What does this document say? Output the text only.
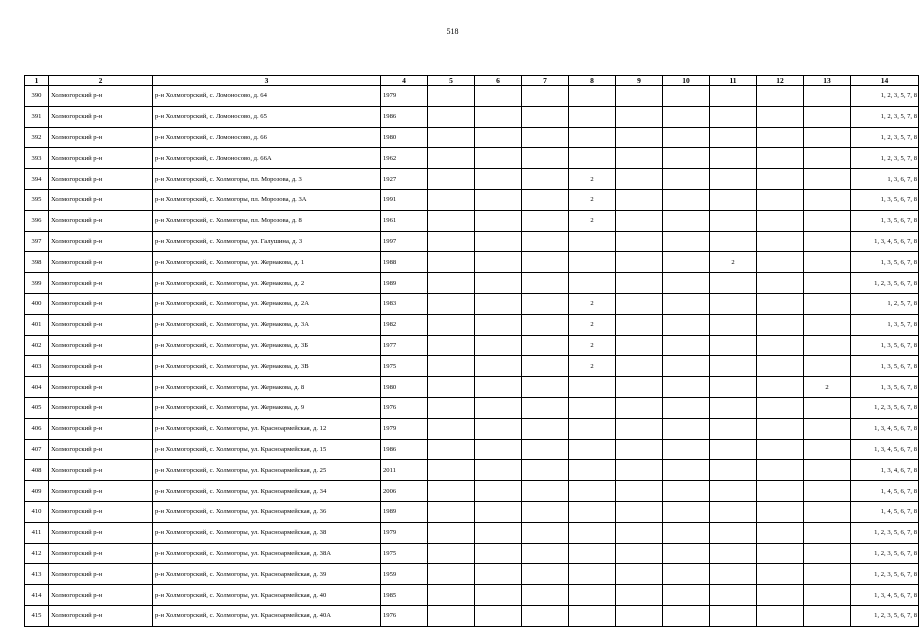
518
1	2	3	4	5	6	7	8	9	10	11	12	13	14
390	Холмогорский р-н	р-н Холмогорский, с. Ломоносово, д. 64	1979										1, 2, 3, 5, 7, 8
391	Холмогорский р-н	р-н Холмогорский, с. Ломоносово, д. 65	1986										1, 2, 3, 5, 7, 8
392	Холмогорский р-н	р-н Холмогорский, с. Ломоносово, д. 66	1980										1, 2, 3, 5, 7, 8
393	Холмогорский р-н	р-н Холмогорский, с. Ломоносово, д. 66А	1962										1, 2, 3, 5, 7, 8
394	Холмогорский р-н	р-н Холмогорский, с. Холмогоры, пл. Морозова, д. 3	1927				2						1, 3, 6, 7, 8
395	Холмогорский р-н	р-н Холмогорский, с. Холмогоры, пл. Морозова, д. 3А	1991				2						1, 3, 5, 6, 7, 8
396	Холмогорский р-н	р-н Холмогорский, с. Холмогоры, пл. Морозова, д. 8	1961				2						1, 3, 5, 6, 7, 8
397	Холмогорский р-н	р-н Холмогорский, с. Холмогоры, ул. Галушина, д. 3	1997										1, 3, 4, 5, 6, 7, 8
398	Холмогорский р-н	р-н Холмогорский, с. Холмогоры, ул. Жернакова, д. 1	1988							2			1, 3, 5, 6, 7, 8
399	Холмогорский р-н	р-н Холмогорский, с. Холмогоры, ул. Жернакова, д. 2	1989										1, 2, 3, 5, 6, 7, 8
400	Холмогорский р-н	р-н Холмогорский, с. Холмогоры, ул. Жернакова, д. 2А	1983				2						1, 2, 5, 7, 8
401	Холмогорский р-н	р-н Холмогорский, с. Холмогоры, ул. Жернакова, д. 3А	1982				2						1, 3, 5, 7, 8
402	Холмогорский р-н	р-н Холмогорский, с. Холмогоры, ул. Жернакова, д. 3Б	1977				2						1, 3, 5, 6, 7, 8
403	Холмогорский р-н	р-н Холмогорский, с. Холмогоры, ул. Жернакова, д. 3В	1975				2						1, 3, 5, 6, 7, 8
404	Холмогорский р-н	р-н Холмогорский, с. Холмогоры, ул. Жернакова, д. 8	1980									2	1, 3, 5, 6, 7, 8
405	Холмогорский р-н	р-н Холмогорский, с. Холмогоры, ул. Жернакова, д. 9	1976										1, 2, 3, 5, 6, 7, 8
406	Холмогорский р-н	р-н Холмогорский, с. Холмогоры, ул. Красноармейская, д. 12	1979										1, 3, 4, 5, 6, 7, 8
407	Холмогорский р-н	р-н Холмогорский, с. Холмогоры, ул. Красноармейская, д. 15	1986										1, 3, 4, 5, 6, 7, 8
408	Холмогорский р-н	р-н Холмогорский, с. Холмогоры, ул. Красноармейская, д. 25	2011										1, 3, 4, 6, 7, 8
409	Холмогорский р-н	р-н Холмогорский, с. Холмогоры, ул. Красноармейская, д. 34	2006										1, 4, 5, 6, 7, 8
410	Холмогорский р-н	р-н Холмогорский, с. Холмогоры, ул. Красноармейская, д. 36	1989										1, 4, 5, 6, 7, 8
411	Холмогорский р-н	р-н Холмогорский, с. Холмогоры, ул. Красноармейская, д. 38	1979										1, 2, 3, 5, 6, 7, 8
412	Холмогорский р-н	р-н Холмогорский, с. Холмогоры, ул. Красноармейская, д. 38А	1975										1, 2, 3, 5, 6, 7, 8
413	Холмогорский р-н	р-н Холмогорский, с. Холмогоры, ул. Красноармейская, д. 39	1959										1, 2, 3, 5, 6, 7, 8
414	Холмогорский р-н	р-н Холмогорский, с. Холмогоры, ул. Красноармейская, д. 40	1985										1, 3, 4, 5, 6, 7, 8
415	Холмогорский р-н	р-н Холмогорский, с. Холмогоры, ул. Красноармейская, д. 40А	1976										1, 2, 3, 5, 6, 7, 8
